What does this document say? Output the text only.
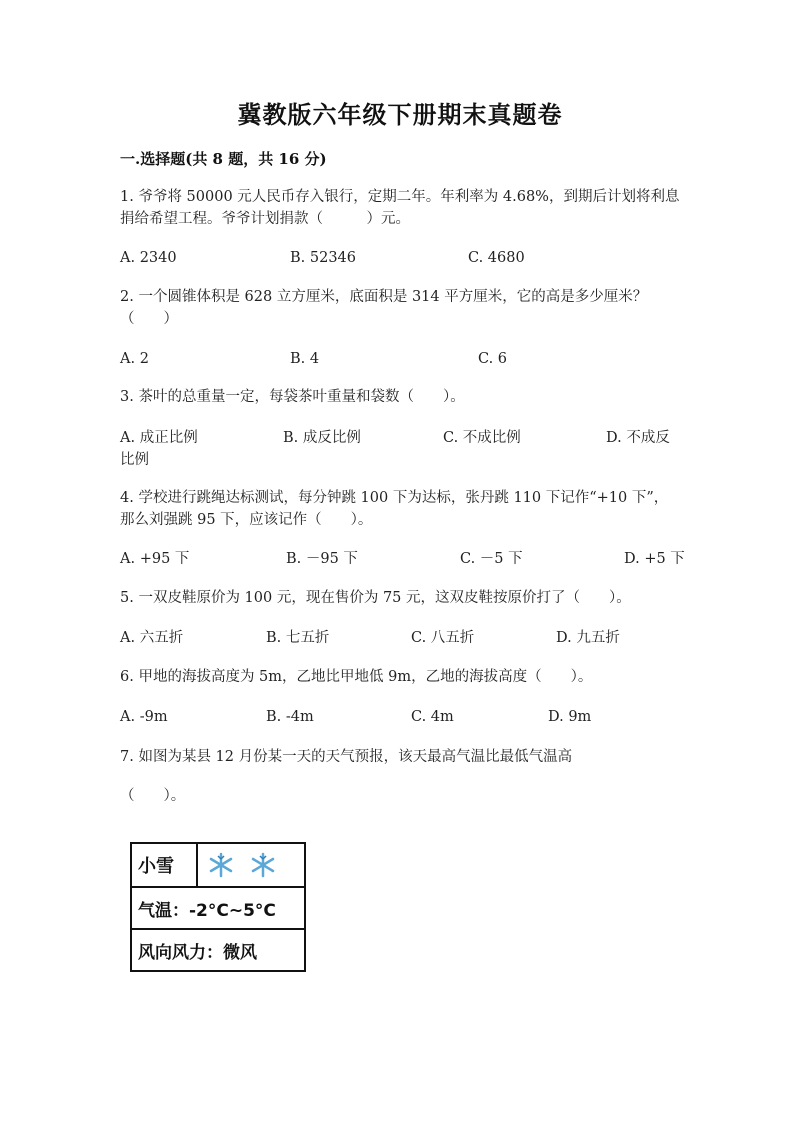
冀教版六年级下册期末真题卷
一.选择题(共 8 题，共 16 分)
1. 爷爷将 50000 元人民币存入银行，定期二年。年利率为 4.68%，到期后计划将利息捐给希望工程。爷爷计划捐款（　　　）元。
A. 2340	B. 52346	C. 4680
2. 一个圆锥体积是 628 立方厘米，底面积是 314 平方厘米，它的高是多少厘米？（　　）
A. 2	B. 4	C. 6
3. 茶叶的总重量一定，每袋茶叶重量和袋数（　　）。
A. 成正比例	B. 成反比例	C. 不成比例	D. 不成反
比例
4. 学校进行跳绳达标测试，每分钟跳 100 下为达标，张丹跳 110 下记作“+10 下”，那么刘强跳 95 下，应该记作（　　）。
A. +95 下	B. －95 下	C. －5 下	D. +5 下
5. 一双皮鞋原价为 100 元，现在售价为 75 元，这双皮鞋按原价打了（　　）。
A. 六五折	B. 七五折	C. 八五折	D. 九五折
6. 甲地的海拔高度为 5m，乙地比甲地低 9m，乙地的海拔高度（　　）。
A. -9m	B. -4m	C. 4m	D. 9m
7. 如图为某县 12 月份某一天的天气预报，该天最高气温比最低气温高
（　　）。
小雪
气温：-2°C~5°C
风向风力：微风
